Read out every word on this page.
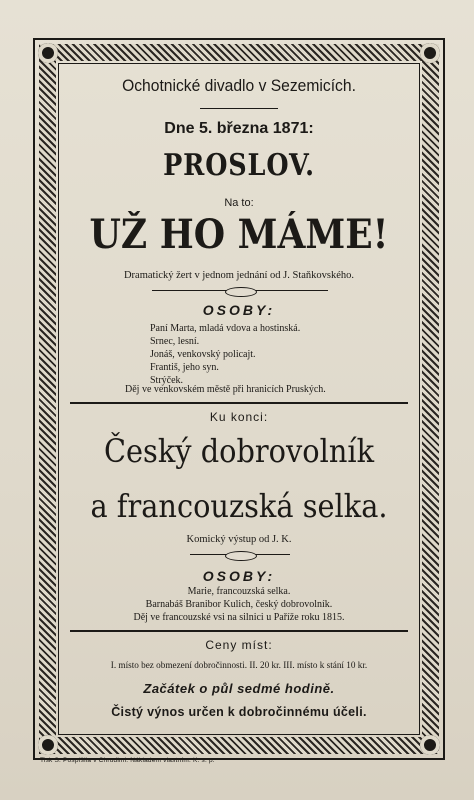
Ochotnické divadlo v Sezemicích.
Dne 5. března 1871:
PROSLOV.
Na to:
UŽ HO MÁME!
Dramatický žert v jednom jednání od J. Staňkovského.
OSOBY:
Paní Marta, mladá vdova a hostinská.
Srnec, lesní.
Jonáš, venkovský policajt.
Františ, jeho syn.
Strýček.
Děj ve venkovském městě při hranicích Pruských.
Ku konci:
Český dobrovolník
a francouzská selka.
Komický výstup od J. K.
OSOBY:
Marie, francouzská selka.
Barnabáš Branibor Kulich, český dobrovolník.
Děj ve francouzské vsi na silnici u Paříže roku 1815.
Ceny míst:
I. místo bez obmezení dobročinnosti. II. 20 kr. III. místo k stání 10 kr.
Začátek o půl sedmé hodině.
Čistý výnos určen k dobročinnému účeli.
Tisk S. Pospíšila v Chrudimi. Nákladem vlastním. K. s. p.
